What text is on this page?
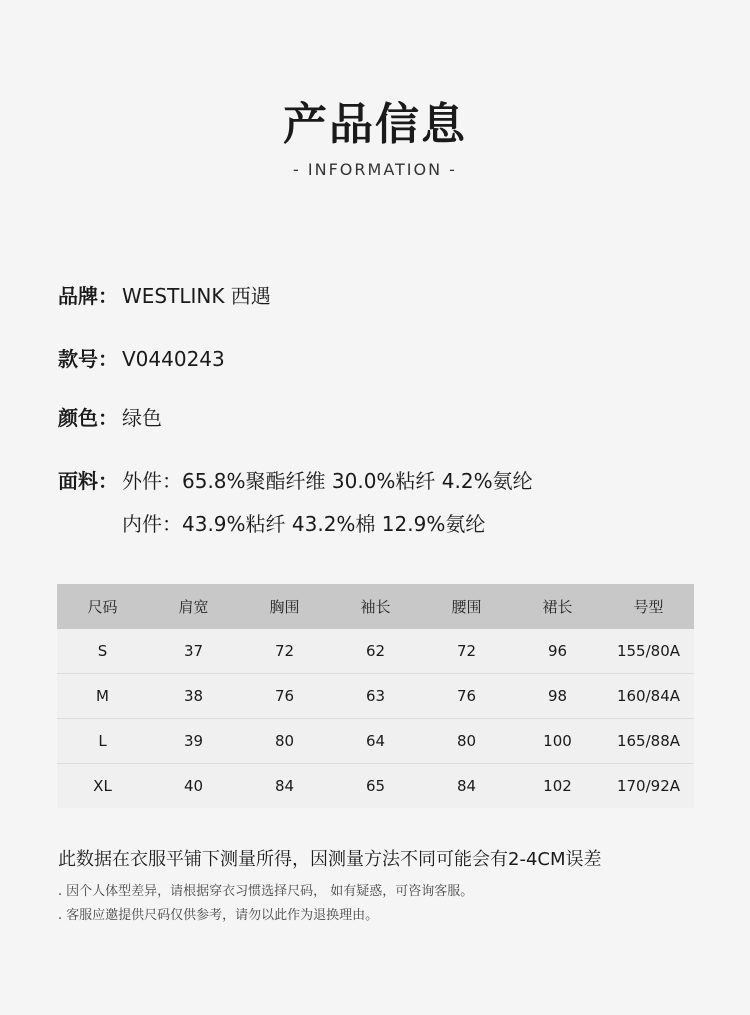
产品信息
- INFORMATION -
品牌： WESTLINK 西遇
款号： V0440243
颜色： 绿色
面料： 外件：65.8%聚酯纤维 30.0%粘纤 4.2%氨纶
内件：43.9%粘纤 43.2%棉 12.9%氨纶
尺码	肩宽	胸围	袖长	腰围	裙长	号型
S	37	72	62	72	96	155/80A
M	38	76	63	76	98	160/84A
L	39	80	64	80	100	165/88A
XL	40	84	65	84	102	170/92A
此数据在衣服平铺下测量所得，因测量方法不同可能会有2-4CM误差
. 因个人体型差异，请根据穿衣习惯选择尺码， 如有疑惑，可咨询客服。
. 客服应邀提供尺码仅供参考，请勿以此作为退换理由。
